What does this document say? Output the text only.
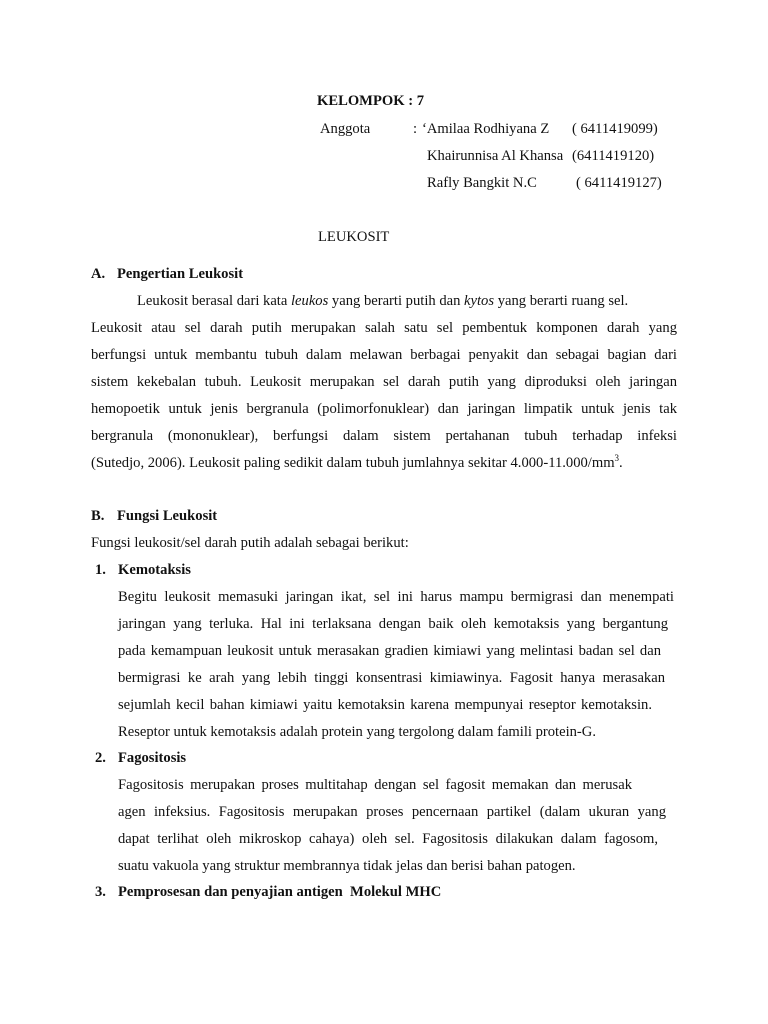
KELOMPOK : 7
Anggota	: ‘Amilaa Rodhiyana Z ( 6411419099)
Khairunnisa Al Khansa (6411419120)
Rafly Bangkit N.C	( 6411419127)
LEUKOSIT
A. Pengertian Leukosit
Leukosit berasal dari kata leukos yang berarti putih dan kytos yang berarti ruang sel.
Leukosit atau sel darah putih merupakan salah satu sel pembentuk komponen darah yang
berfungsi untuk membantu tubuh dalam melawan berbagai penyakit dan sebagai bagian dari
sistem kekebalan tubuh. Leukosit merupakan sel darah putih yang diproduksi oleh jaringan
hemopoetik untuk jenis bergranula (polimorfonuklear) dan jaringan limpatik untuk jenis tak
bergranula (mononuklear), berfungsi dalam sistem pertahanan tubuh terhadap infeksi
(Sutedjo, 2006). Leukosit paling sedikit dalam tubuh jumlahnya sekitar $4.000-11.000/mm^3$.
B. Fungsi Leukosit
Fungsi leukosit/sel darah putih adalah sebagai berikut:
1. Kemotaksis
Begitu leukosit memasuki jaringan ikat, sel ini harus mampu bermigrasi dan menempati
jaringan yang terluka. Hal ini terlaksana dengan baik oleh kemotaksis yang bergantung
pada kemampuan leukosit untuk merasakan gradien kimiawi yang melintasi badan sel dan
bermigrasi ke arah yang lebih tinggi konsentrasi kimiawinya. Fagosit hanya merasakan
sejumlah kecil bahan kimiawi yaitu kemotaksin karena mempunyai reseptor kemotaksin.
Reseptor untuk kemotaksis adalah protein yang tergolong dalam famili protein-G.
2. Fagositosis
Fagositosis merupakan proses multitahap dengan sel fagosit memakan dan merusak
agen infeksius. Fagositosis merupakan proses pencernaan partikel (dalam ukuran yang
dapat terlihat oleh mikroskop cahaya) oleh sel. Fagositosis dilakukan dalam fagosom,
suatu vakuola yang struktur membrannya tidak jelas dan berisi bahan patogen.
3. Pemprosesan dan penyajian antigen  Molekul MHC
